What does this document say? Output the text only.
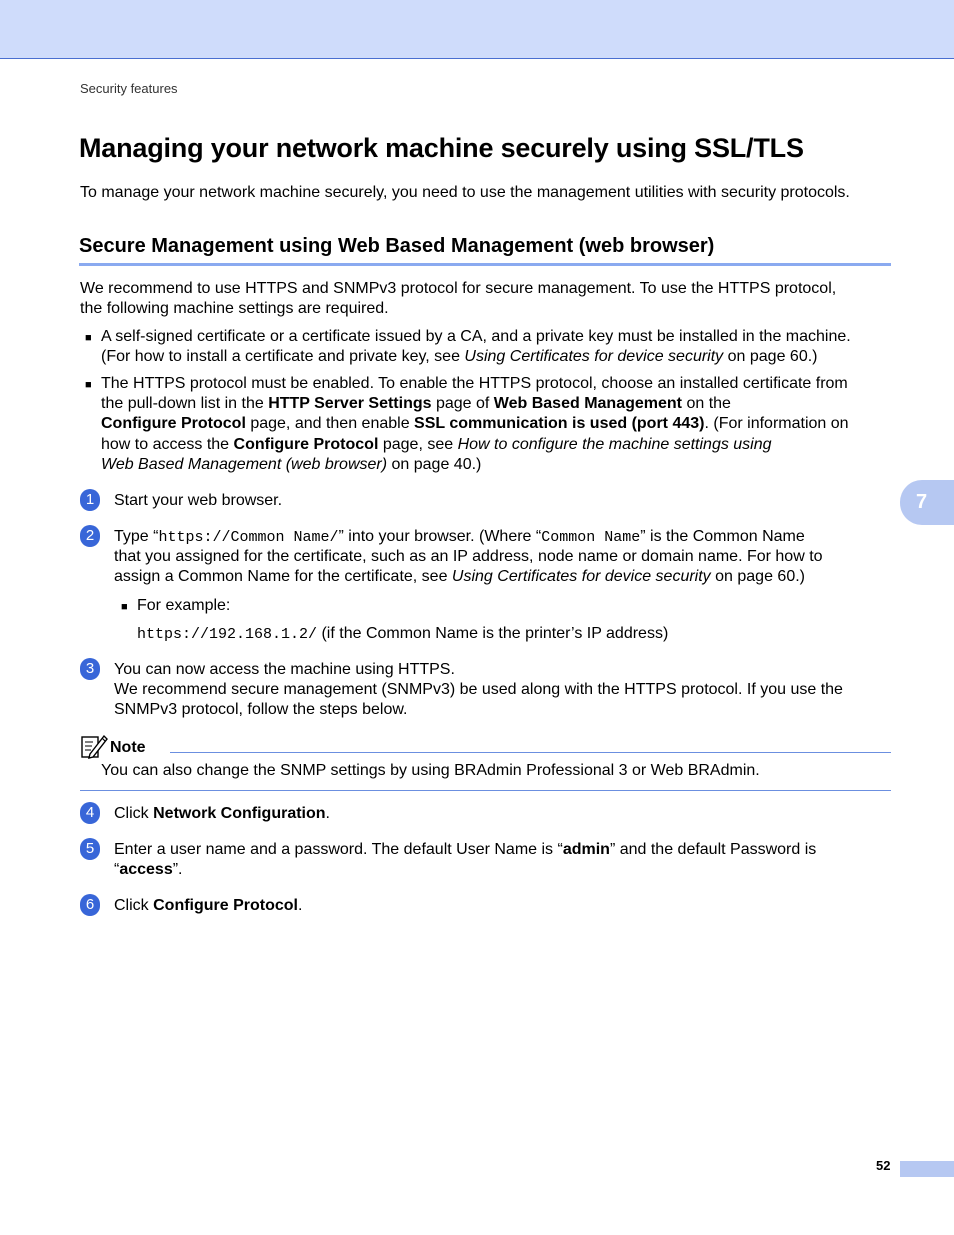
Security features
Managing your network machine securely using SSL/TLS

To manage your network machine securely, you need to use the management utilities with security protocols.

Secure Management using Web Based Management (web browser)

We recommend to use HTTPS and SNMPv3 protocol for secure management. To use the HTTPS protocol,

the following machine settings are required.

■ A self-signed certificate or a certificate issued by a CA, and a private key must be installed in the machine.

(For how to install a certificate and private key, see Using Certificates for device security on page 60.)

■ The HTTPS protocol must be enabled. To enable the HTTPS protocol, choose an installed certificate from

the pull-down list in the HTTP Server Settings page of Web Based Management on the

Configure Protocol page, and then enable SSL communication is used (port 443). (For information on

how to access the Configure Protocol page, see How to configure the machine settings using

Web Based Management (web browser) on page 40.)

7
1	Start your web browser.

2	Type “https://Common Name/” into your browser. (Where “Common Name” is the Common Name

that you assigned for the certificate, such as an IP address, node name or domain name. For how to

assign a Common Name for the certificate, see Using Certificates for device security on page 60.)

■ For example:

https://192.168.1.2/ (if the Common Name is the printer’s IP address)

3	You can now access the machine using HTTPS.

We recommend secure management (SNMPv3) be used along with the HTTPS protocol. If you use the

SNMPv3 protocol, follow the steps below.

Note

You can also change the SNMP settings by using BRAdmin Professional 3 or Web BRAdmin.

4	Click Network Configuration.

5	Enter a user name and a password. The default User Name is “admin” and the default Password is

“access”.

6	Click Configure Protocol.

52
